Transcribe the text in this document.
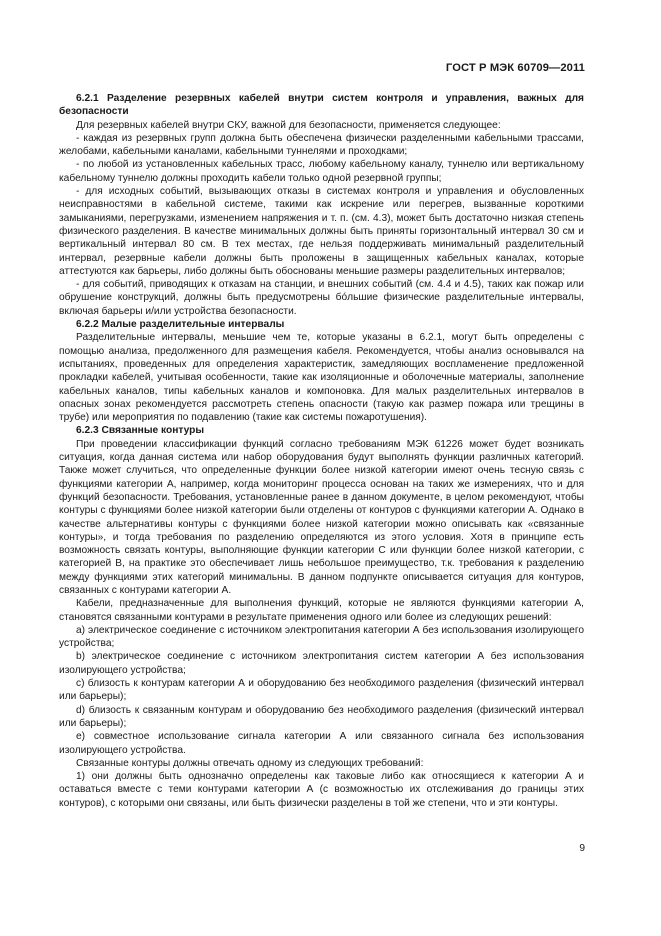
ГОСТ Р МЭК 60709—2011

6.2.1 Разделение резервных кабелей внутри систем контроля и управления, важных для безопасности

Для резервных кабелей внутри СКУ, важной для безопасности, применяется следующее:

- каждая из резервных групп должна быть обеспечена физически разделенными кабельными трассами, желобами, кабельными каналами, кабельными туннелями и проходками;

- по любой из установленных кабельных трасс, любому кабельному каналу, туннелю или вертикальному кабельному туннелю должны проходить кабели только одной резервной группы;

- для исходных событий, вызывающих отказы в системах контроля и управления и обусловленных неисправностями в кабельной системе, такими как искрение или перегрев, вызванные короткими замыканиями, перегрузками, изменением напряжения и т. п. (см. 4.3), может быть достаточно низкая степень физического разделения. В качестве минимальных должны быть приняты горизонтальный интервал 30 см и вертикальный интервал 80 см. В тех местах, где нельзя поддерживать минимальный разделительный интервал, резервные кабели должны быть проложены в защищенных кабельных каналах, которые аттестуются как барьеры, либо должны быть обоснованы меньшие размеры разделительных интервалов;

- для событий, приводящих к отказам на станции, и внешних событий (см. 4.4 и 4.5), таких как пожар или обрушение конструкций, должны быть предусмотрены бóльшие физические разделительные интервалы, включая барьеры и/или устройства безопасности.

6.2.2 Малые разделительные интервалы

Разделительные интервалы, меньшие чем те, которые указаны в 6.2.1, могут быть определены с помощью анализа, предолженного для размещения кабеля. Рекомендуется, чтобы анализ основывался на испытаниях, проведенных для определения характеристик, замедляющих воспламенение предложенной прокладки кабелей, учитывая особенности, такие как изоляционные и оболочечные материалы, заполнение кабельных каналов, типы кабельных каналов и компоновка. Для малых разделительных интервалов в опасных зонах рекомендуется рассмотреть степень опасности (такую как размер пожара или трещины в трубе) или мероприятия по подавлению (такие как системы пожаротушения).

6.2.3 Связанные контуры

При проведении классификации функций согласно требованиям МЭК 61226 может будет возникать ситуация, когда данная система или набор оборудования будут выполнять функции различных категорий. Также может случиться, что определенные функции более низкой категории имеют очень тесную связь с функциями категории А, например, когда мониторинг процесса основан на таких же измерениях, что и для функций безопасности. Требования, установленные ранее в данном документе, в целом рекомендуют, чтобы контуры с функциями более низкой категории были отделены от контуров с функциями категории А. Однако в качестве альтернативы контуры с функциями более низкой категории можно описывать как «связанные контуры», и тогда требования по разделению определяются из этого условия. Хотя в принципе есть возможность связать контуры, выполняющие функции категории С или функции более низкой категории, с категорией В, на практике это обеспечивает лишь небольшое преимущество, т.к. требования к разделению между функциями этих категорий минимальны. В данном подпункте описывается ситуация для контуров, связанных с контурами категории А.

Кабели, предназначенные для выполнения функций, которые не являются функциями категории А, становятся связанными контурами в результате применения одного или более из следующих решений:

а) электрическое соединение с источником электропитания категории А без использования изолирующего устройства;

b) электрическое соединение с источником электропитания систем категории А без использования изолирующего устройства;

с) близость к контурам категории А и оборудованию без необходимого разделения (физический интервал или барьеры);

d) близость к связанным контурам и оборудованию без необходимого разделения (физический интервал или барьеры);

е) совместное использование сигнала категории А или связанного сигнала без использования изолирующего устройства.

Связанные контуры должны отвечать одному из следующих требований:

1) они должны быть однозначно определены как таковые либо как относящиеся к категории А и оставаться вместе с теми контурами категории А (с возможностью их отслеживания до границы этих контуров), с которыми они связаны, или быть физически разделены в той же степени, что и эти контуры.

9
